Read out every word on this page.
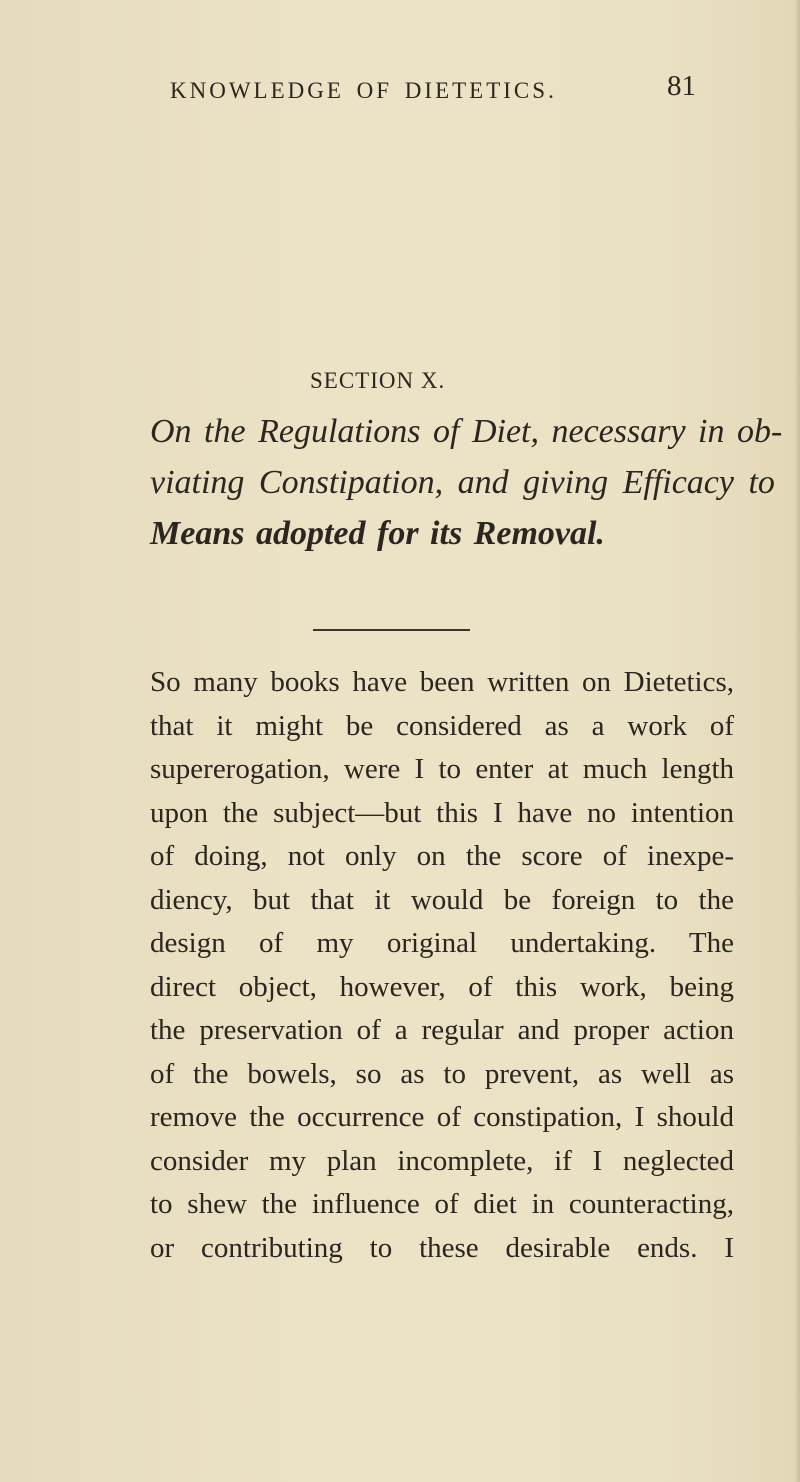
KNOWLEDGE OF DIETETICS.	81
SECTION X.

On the Regulations of Diet, necessary in ob-
viating Constipation, and giving Efficacy to
Means adopted for its Removal.

So many books have been written on Dietetics,
that it might be considered as a work of
supererogation, were I to enter at much length
upon the subject—but this I have no intention
of doing, not only on the score of inexpe-
diency, but that it would be foreign to the
design of my original undertaking. The
direct object, however, of this work, being
the preservation of a regular and proper action
of the bowels, so as to prevent, as well as
remove the occurrence of constipation, I should
consider my plan incomplete, if I neglected
to shew the influence of diet in counteracting,
or contributing to these desirable ends. I
